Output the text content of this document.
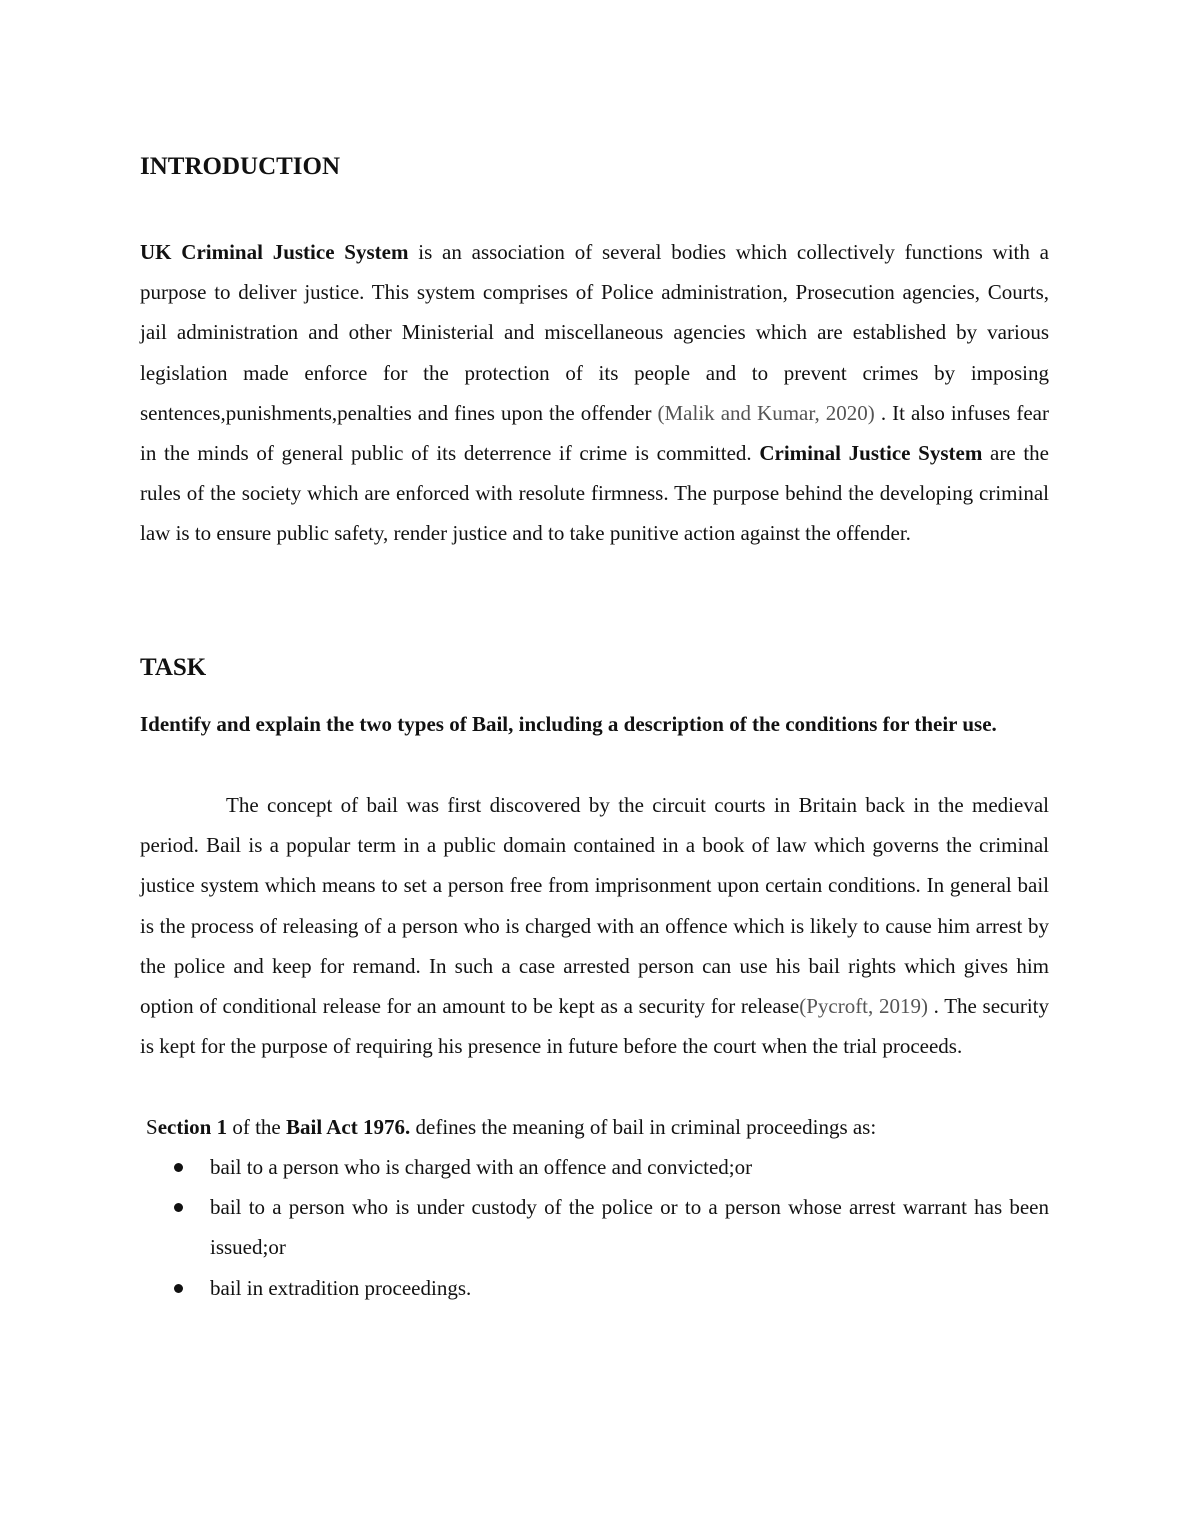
INTRODUCTION

UK Criminal Justice System is an association of several bodies which collectively functions with a purpose to deliver justice. This system comprises of Police administration, Prosecution agencies, Courts, jail administration and other Ministerial and miscellaneous agencies which are established by various legislation made enforce for the protection of its people and to prevent crimes by imposing sentences,punishments,penalties and fines upon the offender (Malik and Kumar, 2020) . It also infuses fear in the minds of general public of its deterrence if crime is committed. Criminal Justice System are the rules of the society which are enforced with resolute firmness. The purpose behind the developing criminal law is to ensure public safety, render justice and to take punitive action against the offender.

TASK

Identify and explain the two types of Bail, including a description of the conditions for their use.

The concept of bail was first discovered by the circuit courts in Britain back in the medieval period. Bail is a popular term in a public domain contained in a book of law which governs the criminal justice system which means to set a person free from imprisonment upon certain conditions. In general bail is the process of releasing of a person who is charged with an offence which is likely to cause him arrest by the police and keep for remand. In such a case arrested person can use his bail rights which gives him option of conditional release for an amount to be kept as a security for release(Pycroft, 2019) . The security is kept for the purpose of requiring his presence in future before the court when the trial proceeds.

Section 1 of the Bail Act 1976. defines the meaning of bail in criminal proceedings as:

bail to a person who is charged with an offence and convicted;or
bail to a person who is under custody of the police or to a person whose arrest warrant has been issued;or
bail in extradition proceedings.
